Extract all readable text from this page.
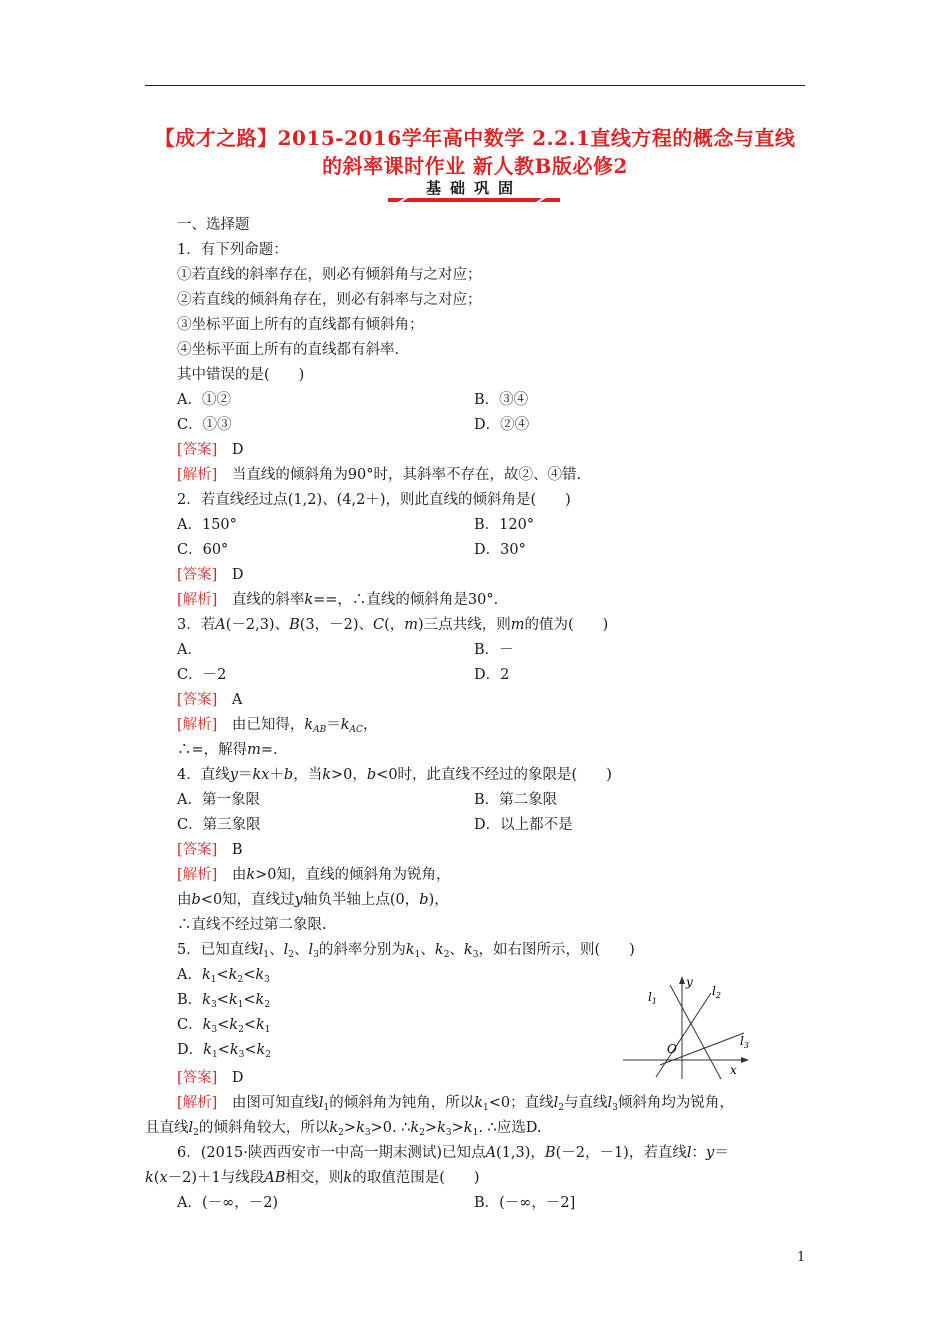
【成才之路】2015-2016学年高中数学 2.2.1直线方程的概念与直线
的斜率课时作业 新人教B版必修2
基础巩固
一、选择题
1．有下列命题：
①若直线的斜率存在，则必有倾斜角与之对应；
②若直线的倾斜角存在，则必有斜率与之对应；
③坐标平面上所有的直线都有倾斜角；
④坐标平面上所有的直线都有斜率.
其中错误的是(　　)
A．①②	B．③④
C．①③	D．②④
[答案]　 D
[解析]　 当直线的倾斜角为90°时，其斜率不存在，故②、④错.
2．若直线经过点(1,2)、(4,2＋)，则此直线的倾斜角是(　　)
A．150°	B．120°
C．60°	D．30°
[答案]　 D
[解析]　 直线的斜率k==，∴直线的倾斜角是30°.
3．若A(－2,3)、B(3，－2)、C(，m)三点共线，则m的值为(　　)
A．	B．－
C．－2	D．2
[答案]　 A
[解析]　 由已知得，$k_{AB}=k_{AC}$，
∴=，解得m=.
4．直线y＝kx＋b，当k>0，b<0时，此直线不经过的象限是(　　)
A．第一象限	B．第二象限
C．第三象限	D．以上都不是
[答案]　 B
[解析]　 由k>0知，直线的倾斜角为锐角，
由b<0知，直线过y轴负半轴上点(0，b)，
∴直线不经过第二象限.
5．已知直线$l_1$、$l_2$、$l_3$的斜率分别为$k_1$、$k_2$、$k_3$，如右图所示，则(　　)
A．$k_1<k_2<k_3$
B．$k_3<k_1<k_2$
C．$k_3<k_2<k_1$
D．$k_1<k_3<k_2$
y
x
O
$l_1$
$l_2$
$l_3$
[答案]　 D
[解析]　 由图可知直线$l_1$的倾斜角为钝角，所以$k_1<0$；直线$l_2$与直线$l_3$倾斜角均为锐角，
且直线$l_2$的倾斜角较大，所以$k_2>k_3>0$. $\therefore k_2>k_3>k_1$. ∴应选D.
6．(2015·陕西西安市一中高一期末测试)已知点A(1,3)，B(－2，－1)，若直线l：y＝
k(x－2)＋1与线段AB相交，则k的取值范围是(　　)
A．(－∞，－2)	B．(－∞，－2]
1
